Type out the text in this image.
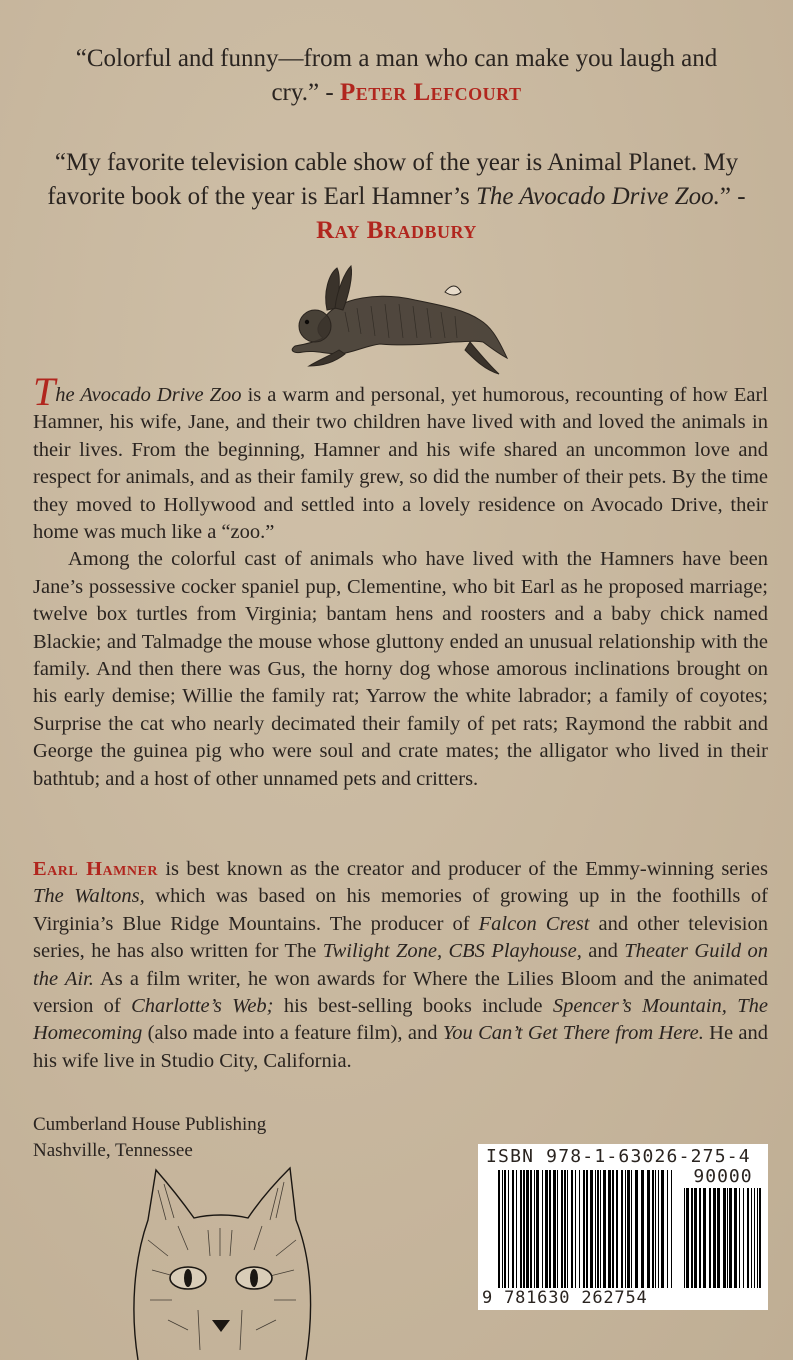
“Colorful and funny—from a man who can make you laugh and cry.” - Peter Lefcourt
“My favorite television cable show of the year is Animal Planet. My favorite book of the year is Earl Hamner’s The Avocado Drive Zoo.” - Ray Bradbury

The Avocado Drive Zoo is a warm and personal, yet humorous, recounting of how Earl Hamner, his wife, Jane, and their two children have lived with and loved the animals in their lives. From the beginning, Hamner and his wife shared an uncommon love and respect for animals, and as their family grew, so did the number of their pets. By the time they moved to Hollywood and settled into a lovely residence on Avocado Drive, their home was much like a “zoo.”

Among the colorful cast of animals who have lived with the Hamners have been Jane’s possessive cocker spaniel pup, Clementine, who bit Earl as he proposed marriage; twelve box turtles from Virginia; bantam hens and roosters and a baby chick named Blackie; and Talmadge the mouse whose gluttony ended an unusual relationship with the family. And then there was Gus, the horny dog whose amorous inclinations brought on his early demise; Willie the family rat; Yarrow the white labrador; a family of coyotes; Surprise the cat who nearly decimated their family of pet rats; Raymond the rabbit and George the guinea pig who were soul and crate mates; the alligator who lived in their bathtub; and a host of other unnamed pets and critters.

Earl Hamner is best known as the creator and producer of the Emmy-winning series The Waltons, which was based on his memories of growing up in the foothills of Virginia’s Blue Ridge Mountains. The producer of Falcon Crest and other television series, he has also written for The Twilight Zone, CBS Playhouse, and Theater Guild on the Air. As a film writer, he won awards for Where the Lilies Bloom and the animated version of Charlotte’s Web; his best-selling books include Spencer’s Mountain, The Homecoming (also made into a feature film), and You Can’t Get There from Here. He and his wife live in Studio City, California.

Cumberland House Publishing
Nashville, Tennessee	ISBN 978-1-63026-275-4
90000
9 781630 262754
